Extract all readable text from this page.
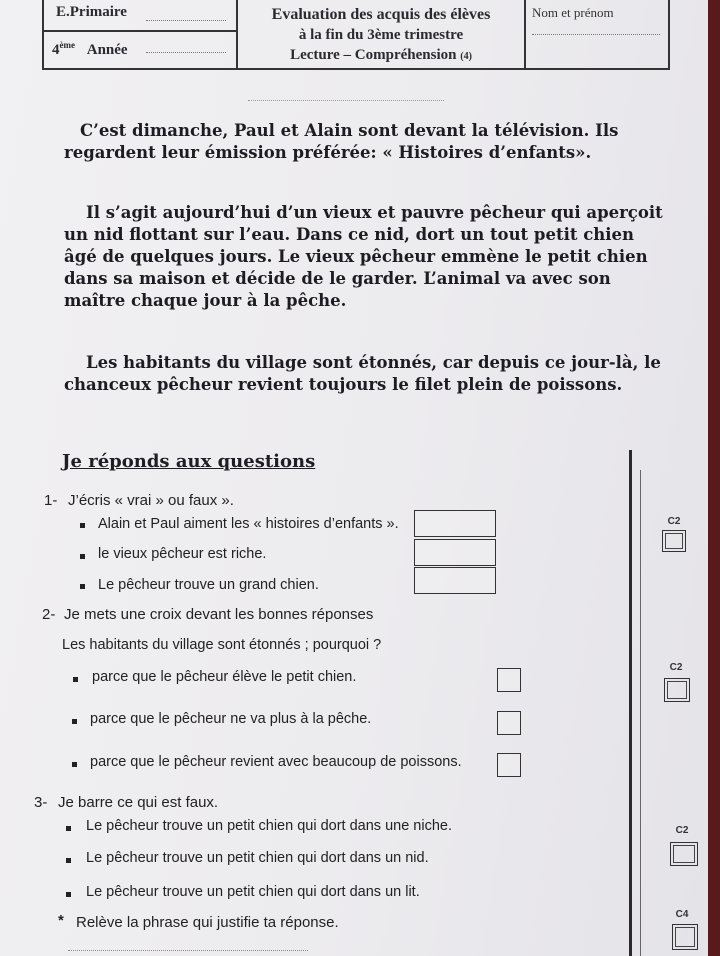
E.Primaire
4ème Année
Evaluation des acquis des élèves
à la fin du 3ème trimestre
Lecture – Compréhension (4)
Nom et prénom

C’est dimanche, Paul et Alain sont devant la télévision. Ils regardent leur émission préférée: « Histoires d’enfants».

Il s’agit aujourd’hui d’un vieux et pauvre pêcheur qui aperçoit un nid flottant sur l’eau. Dans ce nid, dort un tout petit chien âgé de quelques jours. Le vieux pêcheur emmène le petit chien dans sa maison et décide de le garder. L’animal va avec son maître chaque jour à la pêche.

Les habitants du village sont étonnés, car depuis ce jour-là, le chanceux pêcheur revient toujours le filet plein de poissons.

Je réponds aux questions
1- J’écris « vrai » ou faux ».
Alain et Paul aiment les « histoires d’enfants ».
le vieux pêcheur est riche.
Le pêcheur trouve un grand chien.
2- Je mets une croix devant les bonnes réponses
Les habitants du village sont étonnés ; pourquoi ?
parce que le pêcheur élève le petit chien.
parce que le pêcheur ne va plus à la pêche.
parce que le pêcheur revient avec beaucoup de poissons.
3- Je barre ce qui est faux.
Le pêcheur trouve un petit chien qui dort dans une niche.
Le pêcheur trouve un petit chien qui dort dans un nid.
Le pêcheur trouve un petit chien qui dort dans un lit.
* Relève la phrase qui justifie ta réponse.
C2
C2
C2
C4
